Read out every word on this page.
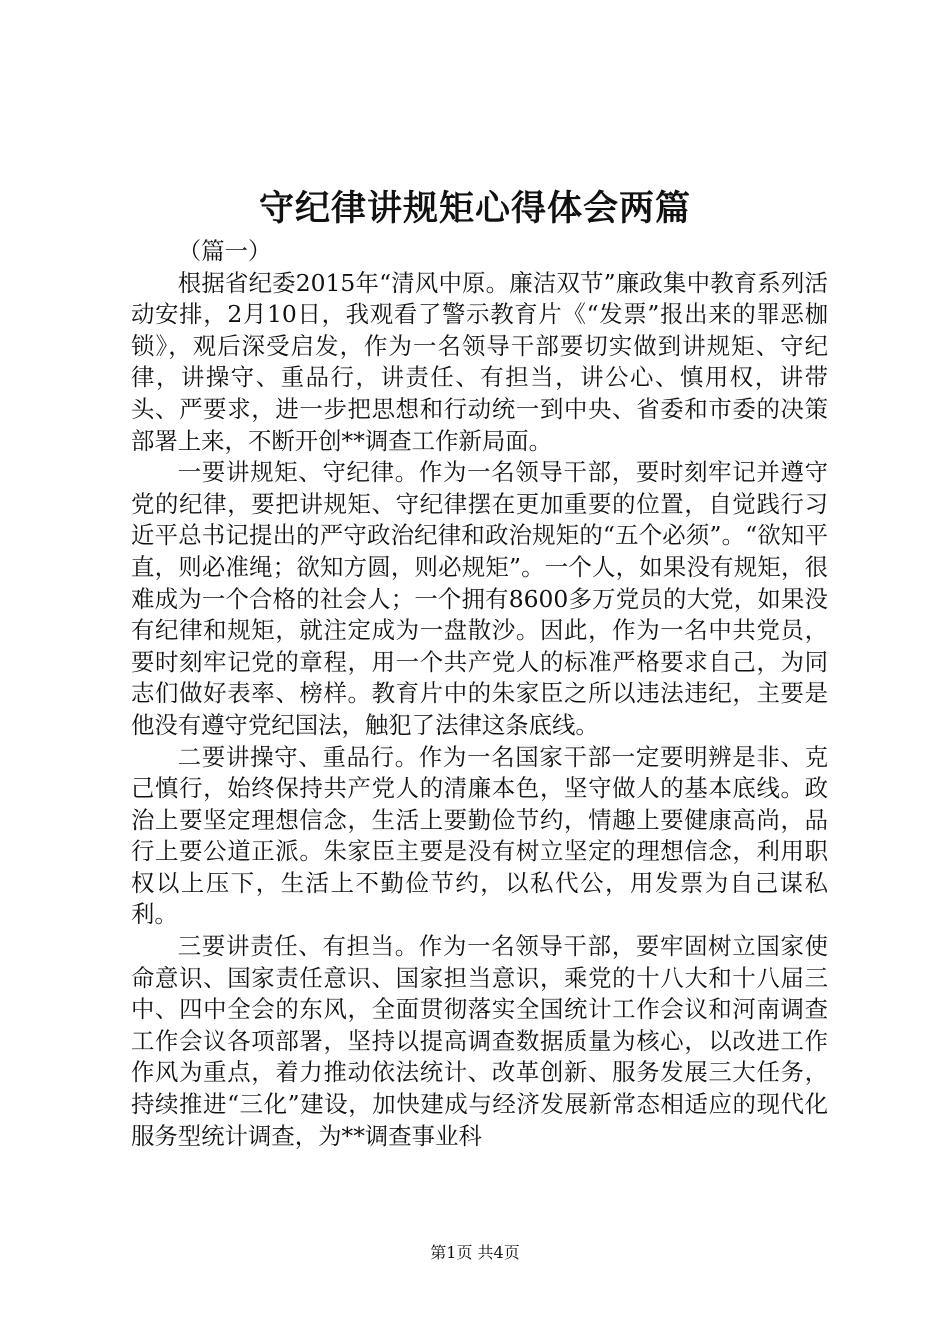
守纪律讲规矩心得体会两篇
（篇一）

根据省纪委2015年“清风中原。廉洁双节”廉政集中教育系列活动安排，2月10日，我观看了警示教育片《“发票”报出来的罪恶枷锁》，观后深受启发，作为一名领导干部要切实做到讲规矩、守纪律，讲操守、重品行，讲责任、有担当，讲公心、慎用权，讲带头、严要求，进一步把思想和行动统一到中央、省委和市委的决策部署上来，不断开创**调查工作新局面。

一要讲规矩、守纪律。作为一名领导干部，要时刻牢记并遵守党的纪律，要把讲规矩、守纪律摆在更加重要的位置，自觉践行习近平总书记提出的严守政治纪律和政治规矩的“五个必须”。“欲知平直，则必准绳；欲知方圆，则必规矩”。一个人，如果没有规矩，很难成为一个合格的社会人；一个拥有8600多万党员的大党，如果没有纪律和规矩，就注定成为一盘散沙。因此，作为一名中共党员，要时刻牢记党的章程，用一个共产党人的标准严格要求自己，为同志们做好表率、榜样。教育片中的朱家臣之所以违法违纪，主要是他没有遵守党纪国法，触犯了法律这条底线。

二要讲操守、重品行。作为一名国家干部一定要明辨是非、克己慎行，始终保持共产党人的清廉本色，坚守做人的基本底线。政治上要坚定理想信念，生活上要勤俭节约，情趣上要健康高尚，品行上要公道正派。朱家臣主要是没有树立坚定的理想信念，利用职权以上压下，生活上不勤俭节约，以私代公，用发票为自己谋私利。

三要讲责任、有担当。作为一名领导干部，要牢固树立国家使命意识、国家责任意识、国家担当意识，乘党的十八大和十八届三中、四中全会的东风，全面贯彻落实全国统计工作会议和河南调查工作会议各项部署，坚持以提高调查数据质量为核心，以改进工作作风为重点，着力推动依法统计、改革创新、服务发展三大任务，持续推进“三化”建设，加快建成与经济发展新常态相适应的现代化服务型统计调查，为**调查事业科

第1页 共4页
